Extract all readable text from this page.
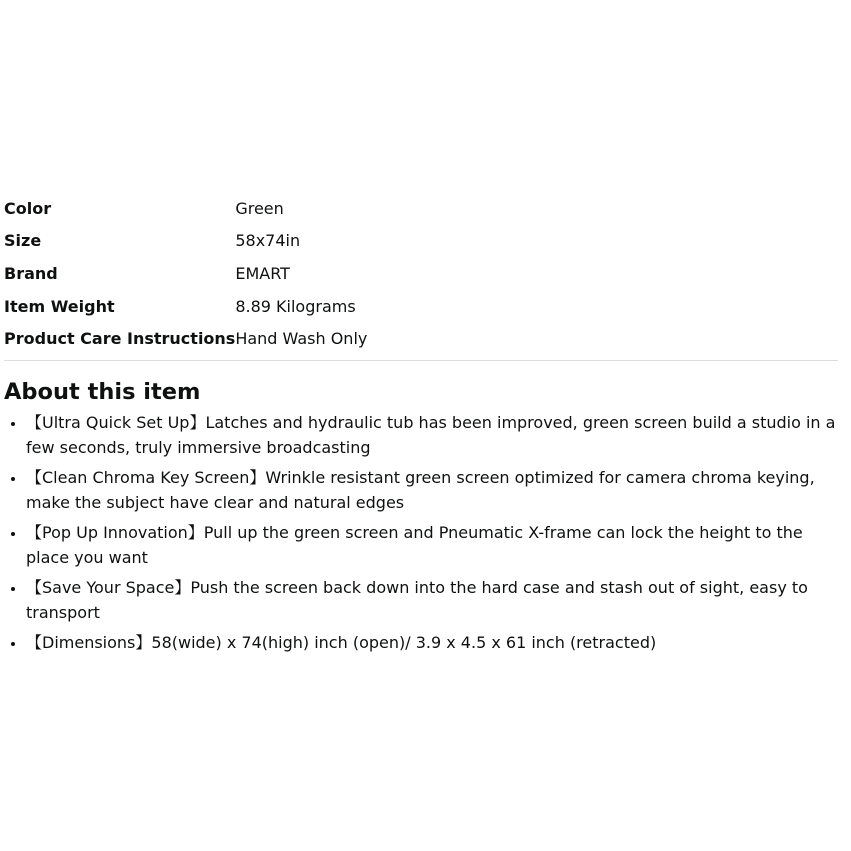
Color	Green
Size	58x74in
Brand	EMART
Item Weight	8.89 Kilograms
Product Care Instructions	Hand Wash Only
About this item
• 【Ultra Quick Set Up】Latches and hydraulic tub has been improved, green screen build a studio in a few seconds, truly immersive broadcasting
• 【Clean Chroma Key Screen】Wrinkle resistant green screen optimized for camera chroma keying, make the subject have clear and natural edges
• 【Pop Up Innovation】Pull up the green screen and Pneumatic X-frame can lock the height to the place you want
• 【Save Your Space】Push the screen back down into the hard case and stash out of sight, easy to transport
• 【Dimensions】58(wide) x 74(high) inch (open)/ 3.9 x 4.5 x 61 inch (retracted)
